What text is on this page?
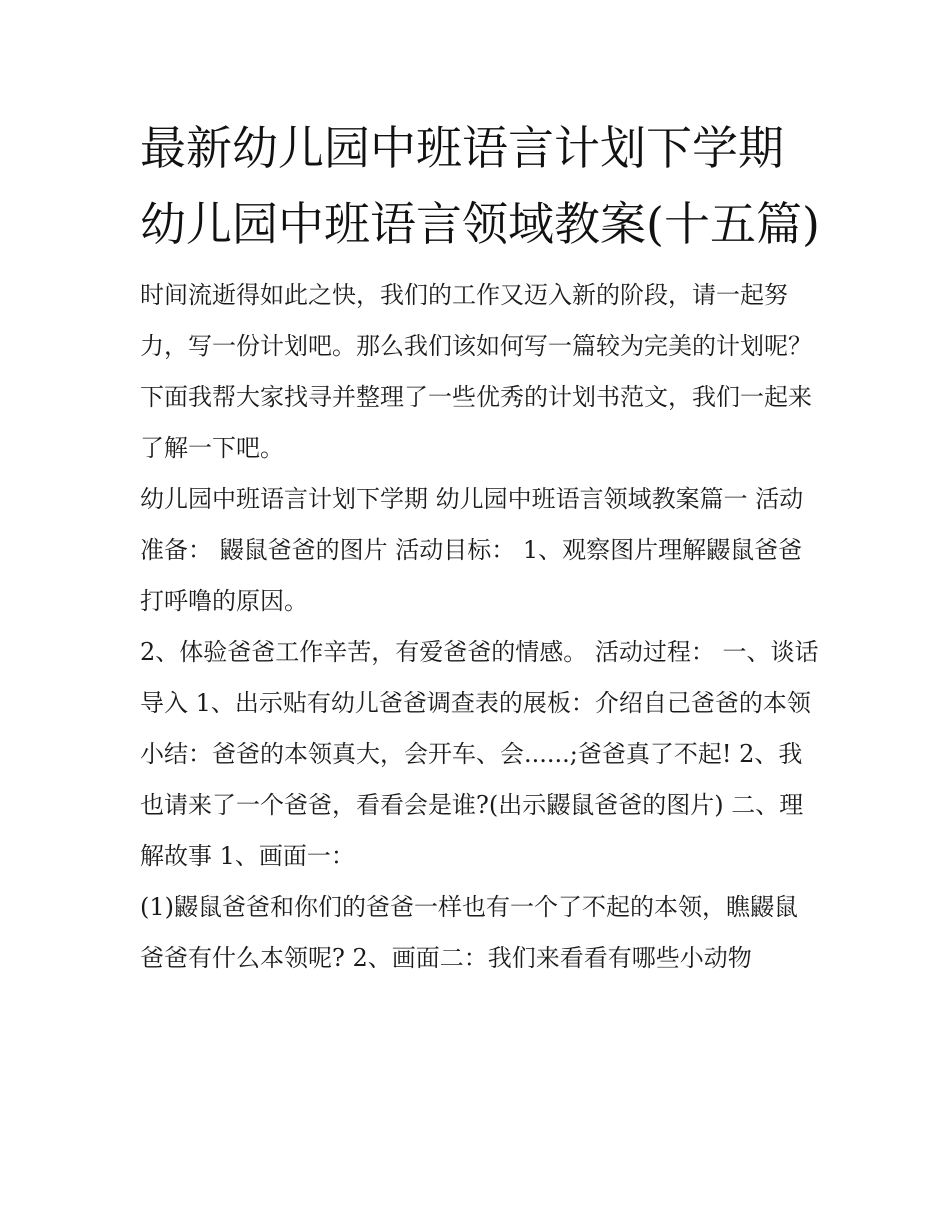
最新幼儿园中班语言计划下学期 幼儿园中班语言领域教案(十五篇)

时间流逝得如此之快，我们的工作又迈入新的阶段，请一起努力，写一份计划吧。那么我们该如何写一篇较为完美的计划呢？下面我帮大家找寻并整理了一些优秀的计划书范文，我们一起来了解一下吧。

幼儿园中班语言计划下学期 幼儿园中班语言领域教案篇一 活动准备： 鼹鼠爸爸的图片 活动目标： 1、观察图片理解鼹鼠爸爸打呼噜的原因。

2、体验爸爸工作辛苦，有爱爸爸的情感。 活动过程： 一、谈话导入 1、出示贴有幼儿爸爸调查表的展板：介绍自己爸爸的本领

小结：爸爸的本领真大，会开车、会......;爸爸真了不起! 2、我也请来了一个爸爸，看看会是谁?(出示鼹鼠爸爸的图片) 二、理解故事 1、画面一：

(1)鼹鼠爸爸和你们的爸爸一样也有一个了不起的本领，瞧鼹鼠爸爸有什么本领呢? 2、画面二：我们来看看有哪些小动物
